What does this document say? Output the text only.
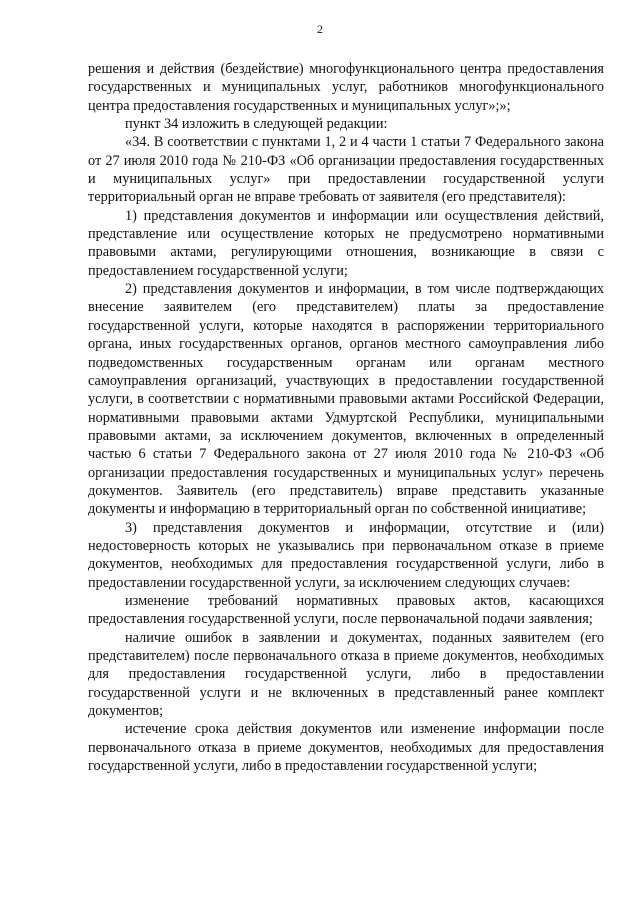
2

решения и действия (бездействие) многофункционального центра предоставления государственных и муниципальных услуг, работников многофункционального центра предоставления государственных и муниципальных услуг»;»;

пункт 34 изложить в следующей редакции:

«34. В соответствии с пунктами 1, 2 и 4 части 1 статьи 7 Федерального закона от 27 июля 2010 года № 210-ФЗ «Об организации предоставления государственных и муниципальных услуг» при предоставлении государственной услуги территориальный орган не вправе требовать от заявителя (его представителя):

1) представления документов и информации или осуществления действий, представление или осуществление которых не предусмотрено нормативными правовыми актами, регулирующими отношения, возникающие в связи с предоставлением государственной услуги;

2) представления документов и информации, в том числе подтверждающих внесение заявителем (его представителем) платы за предоставление государственной услуги, которые находятся в распоряжении территориального органа, иных государственных органов, органов местного самоуправления либо подведомственных государственным органам или органам местного самоуправления организаций, участвующих в предоставлении государственной услуги, в соответствии с нормативными правовыми актами Российской Федерации, нормативными правовыми актами Удмуртской Республики, муниципальными правовыми актами, за исключением документов, включенных в определенный частью 6 статьи 7 Федерального закона от 27 июля 2010 года № 210-ФЗ «Об организации предоставления государственных и муниципальных услуг» перечень документов. Заявитель (его представитель) вправе представить указанные документы и информацию в территориальный орган по собственной инициативе;

3) представления документов и информации, отсутствие и (или) недостоверность которых не указывались при первоначальном отказе в приеме документов, необходимых для предоставления государственной услуги, либо в предоставлении государственной услуги, за исключением следующих случаев:

изменение требований нормативных правовых актов, касающихся предоставления государственной услуги, после первоначальной подачи заявления;

наличие ошибок в заявлении и документах, поданных заявителем (его представителем) после первоначального отказа в приеме документов, необходимых для предоставления государственной услуги, либо в предоставлении государственной услуги и не включенных в представленный ранее комплект документов;

истечение срока действия документов или изменение информации после первоначального отказа в приеме документов, необходимых для предоставления государственной услуги, либо в предоставлении государственной услуги;
